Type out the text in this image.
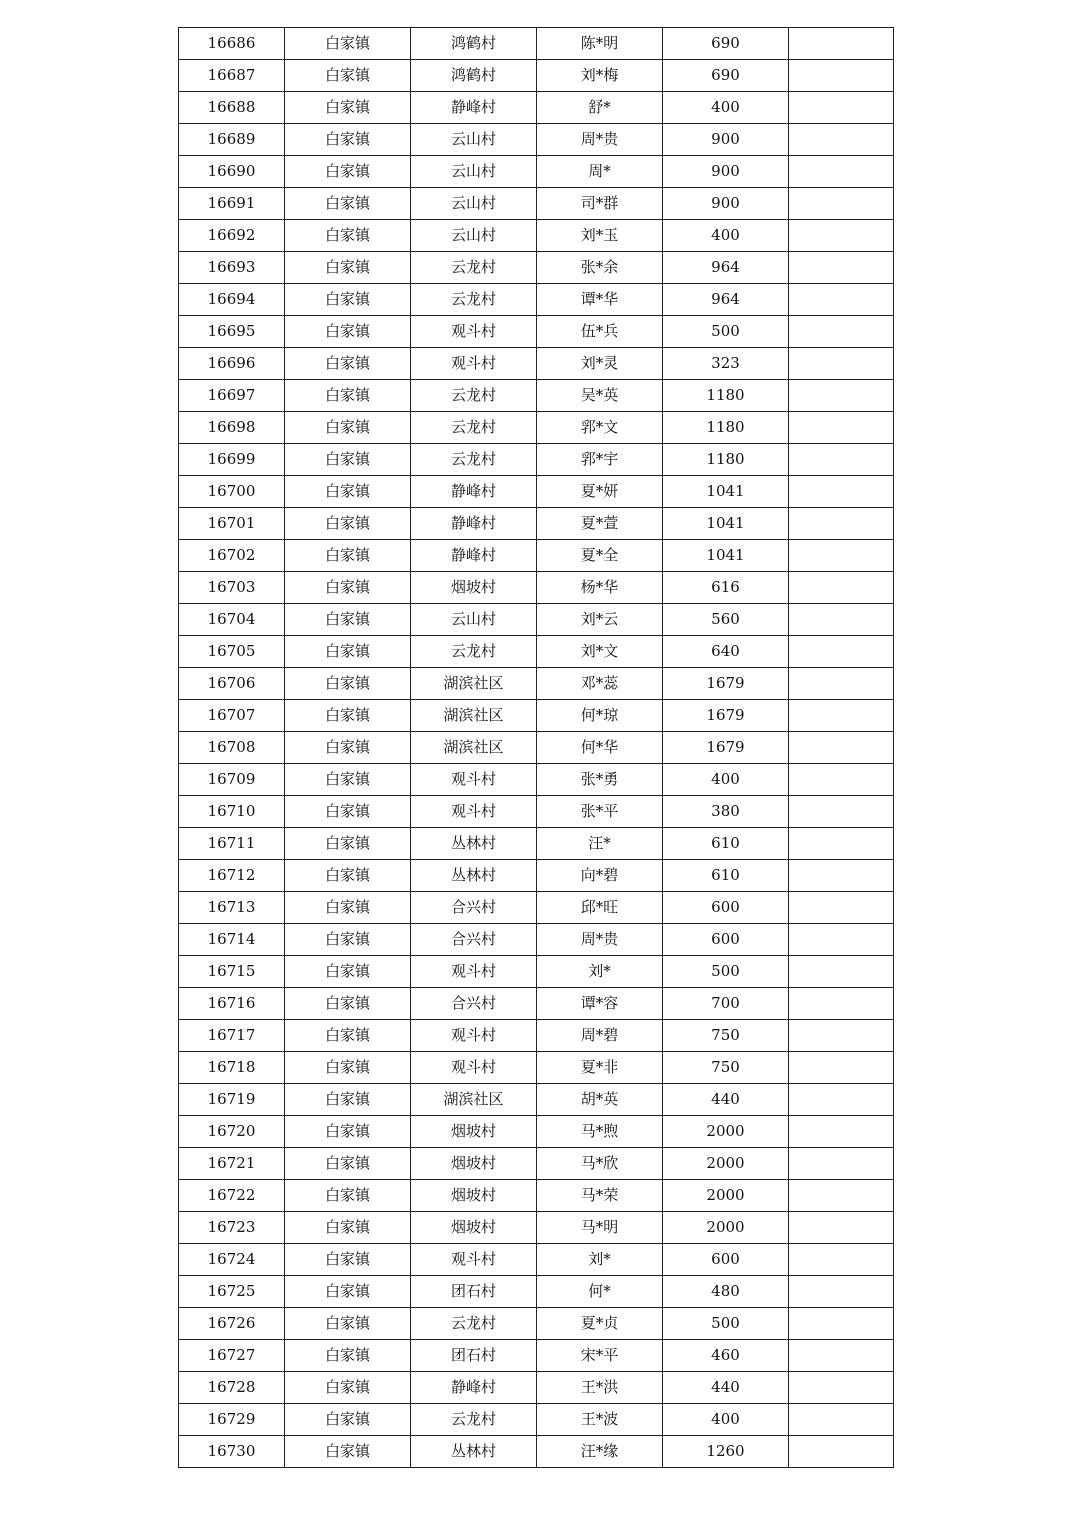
16686	白家镇	鸿鹤村	陈*明	690	
16687	白家镇	鸿鹤村	刘*梅	690	
16688	白家镇	静峰村	舒*	400	
16689	白家镇	云山村	周*贵	900	
16690	白家镇	云山村	周*	900	
16691	白家镇	云山村	司*群	900	
16692	白家镇	云山村	刘*玉	400	
16693	白家镇	云龙村	张*余	964	
16694	白家镇	云龙村	谭*华	964	
16695	白家镇	观斗村	伍*兵	500	
16696	白家镇	观斗村	刘*灵	323	
16697	白家镇	云龙村	吴*英	1180	
16698	白家镇	云龙村	郛*文	1180	
16699	白家镇	云龙村	郛*宇	1180	
16700	白家镇	静峰村	夏*妍	1041	
16701	白家镇	静峰村	夏*萱	1041	
16702	白家镇	静峰村	夏*全	1041	
16703	白家镇	烟坡村	杨*华	616	
16704	白家镇	云山村	刘*云	560	
16705	白家镇	云龙村	刘*文	640	
16706	白家镇	湖滨社区	邓*蕊	1679	
16707	白家镇	湖滨社区	何*琼	1679	
16708	白家镇	湖滨社区	何*华	1679	
16709	白家镇	观斗村	张*勇	400	
16710	白家镇	观斗村	张*平	380	
16711	白家镇	丛林村	汪*	610	
16712	白家镇	丛林村	向*碧	610	
16713	白家镇	合兴村	邱*旺	600	
16714	白家镇	合兴村	周*贵	600	
16715	白家镇	观斗村	刘*	500	
16716	白家镇	合兴村	谭*容	700	
16717	白家镇	观斗村	周*碧	750	
16718	白家镇	观斗村	夏*非	750	
16719	白家镇	湖滨社区	胡*英	440	
16720	白家镇	烟坡村	马*煦	2000	
16721	白家镇	烟坡村	马*欣	2000	
16722	白家镇	烟坡村	马*荣	2000	
16723	白家镇	烟坡村	马*明	2000	
16724	白家镇	观斗村	刘*	600	
16725	白家镇	团石村	何*	480	
16726	白家镇	云龙村	夏*贞	500	
16727	白家镇	团石村	宋*平	460	
16728	白家镇	静峰村	王*洪	440	
16729	白家镇	云龙村	王*波	400	
16730	白家镇	丛林村	汪*缘	1260	
